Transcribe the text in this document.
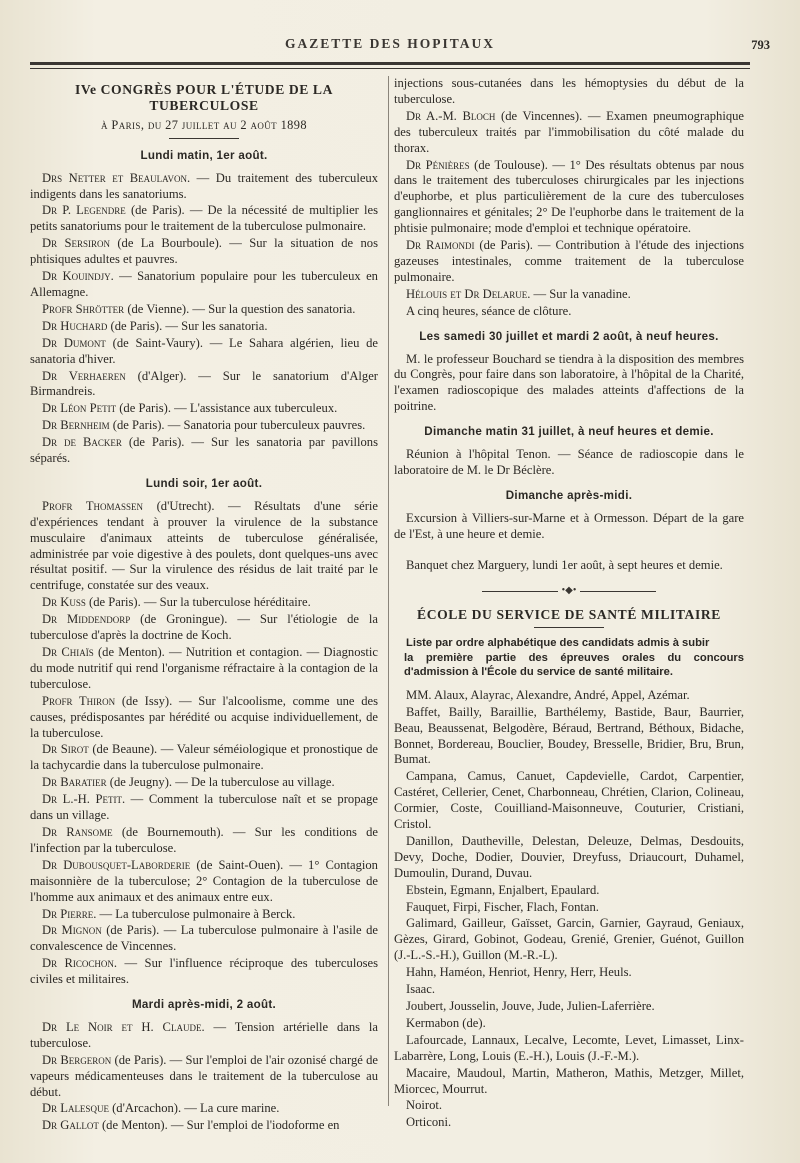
GAZETTE DES HOPITAUX	793
IVe CONGRÈS POUR L'ÉTUDE DE LA TUBERCULOSE
à Paris, du 27 juillet au 2 août 1898
Lundi matin, 1er août.

Drs Netter et Beaulavon. — Du traitement des tuberculeux indigents dans les sanatoriums.

Dr P. Legendre (de Paris). — De la nécessité de multiplier les petits sanatoriums pour le traitement de la tuberculose pulmonaire.

Dr Sersiron (de La Bourboule). — Sur la situation de nos phtisiques adultes et pauvres.

Dr Kouindjy. — Sanatorium populaire pour les tuberculeux en Allemagne.

Profr Shrötter (de Vienne). — Sur la question des sanatoria.

Dr Huchard (de Paris). — Sur les sanatoria.

Dr Dumont (de Saint-Vaury). — Le Sahara algérien, lieu de sanatoria d'hiver.

Dr Verhaeren (d'Alger). — Sur le sanatorium d'Alger Birmandreis.

Dr Léon Petit (de Paris). — L'assistance aux tuberculeux.

Dr Bernheim (de Paris). — Sanatoria pour tuberculeux pauvres.

Dr de Backer (de Paris). — Sur les sanatoria par pavillons séparés.

Lundi soir, 1er août.

Profr Thomassen (d'Utrecht). — Résultats d'une série d'expériences tendant à prouver la virulence de la substance musculaire d'animaux atteints de tuberculose généralisée, administrée par voie digestive à des poulets, dont quelques-uns avec résultat positif. — Sur la virulence des résidus de lait traité par le centrifuge, constatée sur des veaux.

Dr Kuss (de Paris). — Sur la tuberculose héréditaire.

Dr Middendorp (de Groningue). — Sur l'étiologie de la tuberculose d'après la doctrine de Koch.

Dr Chiaïs (de Menton). — Nutrition et contagion. — Diagnostic du mode nutritif qui rend l'organisme réfractaire à la contagion de la tuberculose.

Profr Thiron (de Issy). — Sur l'alcoolisme, comme une des causes, prédisposantes par hérédité ou acquise individuellement, de la tuberculose.

Dr Sirot (de Beaune). — Valeur séméiologique et pronostique de la tachycardie dans la tuberculose pulmonaire.

Dr Baratier (de Jeugny). — De la tuberculose au village.

Dr L.-H. Petit. — Comment la tuberculose naît et se propage dans un village.

Dr Ransome (de Bournemouth). — Sur les conditions de l'infection par la tuberculose.

Dr Dubousquet-Laborderie (de Saint-Ouen). — 1° Contagion maisonnière de la tuberculose; 2° Contagion de la tuberculose de l'homme aux animaux et des animaux entre eux.

Dr Pierre. — La tuberculose pulmonaire à Berck.

Dr Mignon (de Paris). — La tuberculose pulmonaire à l'asile de convalescence de Vincennes.

Dr Ricochon. — Sur l'influence réciproque des tuberculoses civiles et militaires.

Mardi après-midi, 2 août.

Dr Le Noir et H. Claude. — Tension artérielle dans la tuberculose.

Dr Bergeron (de Paris). — Sur l'emploi de l'air ozonisé chargé de vapeurs médicamenteuses dans le traitement de la tuberculose au début.

Dr Lalesque (d'Arcachon). — La cure marine.

Dr Gallot (de Menton). — Sur l'emploi de l'iodoforme en

injections sous-cutanées dans les hémoptysies du début de la tuberculose.

Dr A.-M. Bloch (de Vincennes). — Examen pneumographique des tuberculeux traités par l'immobilisation du côté malade du thorax.

Dr Pénières (de Toulouse). — 1° Des résultats obtenus par nous dans le traitement des tuberculoses chirurgicales par les injections d'euphorbe, et plus particulièrement de la cure des tuberculoses ganglionnaires et génitales; 2° De l'euphorbe dans le traitement de la phtisie pulmonaire; mode d'emploi et technique opératoire.

Dr Raimondi (de Paris). — Contribution à l'étude des injections gazeuses intestinales, comme traitement de la tuberculose pulmonaire.

Hélouis et Dr Delarue. — Sur la vanadine.

A cinq heures, séance de clôture.

Les samedi 30 juillet et mardi 2 août, à neuf heures.

M. le professeur Bouchard se tiendra à la disposition des membres du Congrès, pour faire dans son laboratoire, à l'hôpital de la Charité, l'examen radioscopique des malades atteints d'affections de la poitrine.

Dimanche matin 31 juillet, à neuf heures et demie.

Réunion à l'hôpital Tenon. — Séance de radioscopie dans le laboratoire de M. le Dr Béclère.

Dimanche après-midi.

Excursion à Villiers-sur-Marne et à Ormesson. Départ de la gare de l'Est, à une heure et demie.

Banquet chez Marguery, lundi 1er août, à sept heures et demie.

•◆•
ÉCOLE DU SERVICE DE SANTÉ MILITAIRE
Liste par ordre alphabétique des candidats admis à subir
la première partie des épreuves orales du concours d'admission à l'École du service de santé militaire.

MM. Alaux, Alayrac, Alexandre, André, Appel, Azémar.

Baffet, Bailly, Baraillie, Barthélemy, Bastide, Baur, Baurrier, Beau, Beaussenat, Belgodère, Béraud, Bertrand, Béthoux, Bidache, Bonnet, Bordereau, Bouclier, Boudey, Bresselle, Bridier, Bru, Brun, Bumat.

Campana, Camus, Canuet, Capdevielle, Cardot, Carpentier, Castéret, Cellerier, Cenet, Charbonneau, Chrétien, Clarion, Colineau, Cormier, Coste, Couilliand-Maisonneuve, Couturier, Cristiani, Cristol.

Danillon, Dautheville, Delestan, Deleuze, Delmas, Desdouits, Devy, Doche, Dodier, Douvier, Dreyfuss, Driaucourt, Duhamel, Dumoulin, Durand, Duvau.

Ebstein, Egmann, Enjalbert, Epaulard.

Fauquet, Firpi, Fischer, Flach, Fontan.

Galimard, Gailleur, Gaïsset, Garcin, Garnier, Gayraud, Geniaux, Gèzes, Girard, Gobinot, Godeau, Grenié, Grenier, Guénot, Guillon (J.-L.-S.-H.), Guillon (M.-R.-L).

Hahn, Haméon, Henriot, Henry, Herr, Heuls.

Isaac.

Joubert, Jousselin, Jouve, Jude, Julien-Laferrière.

Kermabon (de).

Lafourcade, Lannaux, Lecalve, Lecomte, Levet, Limasset, Linx-Labarrère, Long, Louis (E.-H.), Louis (J.-F.-M.).

Macaire, Maudoul, Martin, Matheron, Mathis, Metzger, Millet, Miorcec, Mourrut.

Noirot.

Orticoni.
